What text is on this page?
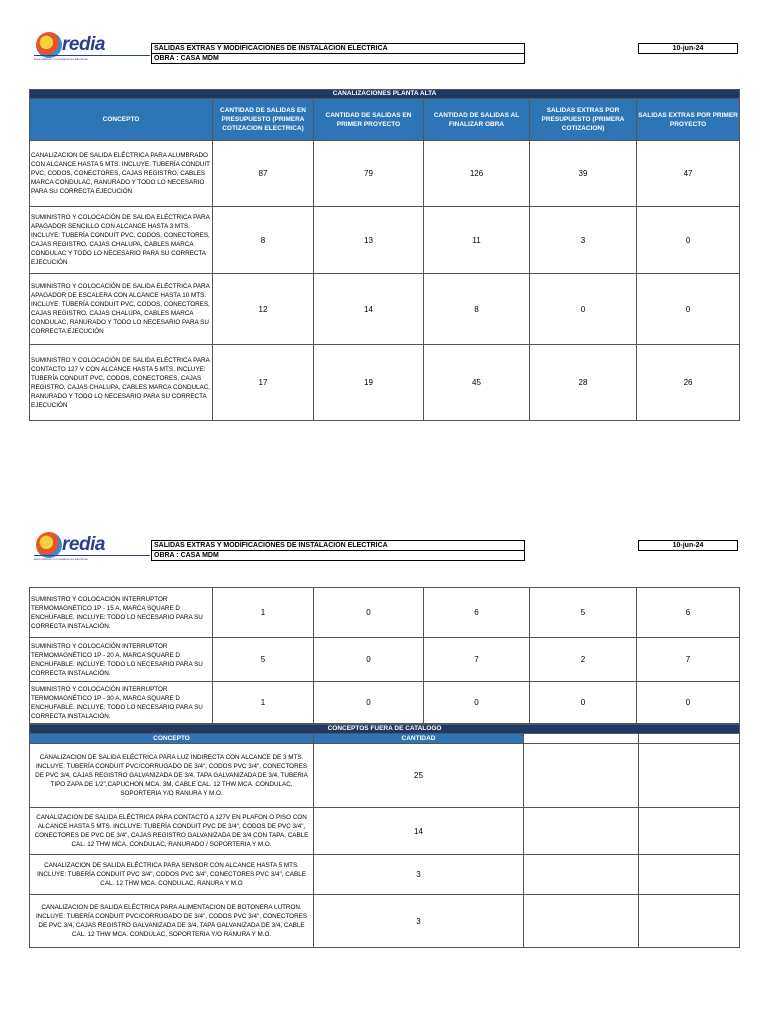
redia
Especialistas en Instalaciones Eléctricas
SALIDAS EXTRAS Y MODIFICACIONES DE INSTALACION ELECTRICA
OBRA : CASA MDM
10-jun-24
CANALIZACIONES PLANTA ALTA					
CONCEPTO	CANTIDAD DE SALIDAS EN PRESUPUESTO (PRIMERA COTIZACION ELECTRICA)	CANTIDAD DE SALIDAS EN PRIMER PROYECTO	CANTIDAD DE SALIDAS AL FINALIZAR OBRA	SALIDAS EXTRAS POR PRESUPUESTO (PRIMERA COTIZACION)	SALIDAS EXTRAS POR PRIMER PROYECTO
CANALIZACION DE SALIDA ELÉCTRICA PARA ALUMBRADO CON ALCANCE HASTA 5 MTS. INCLUYE: TUBERÍA CONDUIT PVC, CODOS, CONECTORES, CAJAS REGISTRO, CABLES MARCA CONDULAC, RANURADO Y TODO LO NECESARIO PARA SU CORRECTA EJECUCIÓN	87	79	126	39	47
SUMINISTRO Y COLOCACIÓN DE SALIDA ELÉCTRICA PARA APAGADOR SENCILLO CON ALCANCE HASTA 3 MTS. INCLUYE: TUBERÍA CONDUIT PVC, CODOS, CONECTORES, CAJAS REGISTRO, CAJAS CHALUPA, CABLES MARCA CONDULAC Y TODO LO NECESARIO PARA SU CORRECTA EJECUCIÓN	8	13	11	3	0
SUMINISTRO Y COLOCACIÓN DE SALIDA ELÉCTRICA PARA APAGADOR DE ESCALERA CON ALCANCE HASTA 10 MTS. INCLUYE: TUBERÍA CONDUIT PVC, CODOS, CONECTORES, CAJAS REGISTRO, CAJAS CHALUPA, CABLES MARCA CONDULAC, RANURADO Y TODO LO NECESARIO PARA SU CORRECTA EJECUCIÓN	12	14	8	0	0
SUMINISTRO Y COLOCACIÓN DE SALIDA ELÉCTRICA PARA CONTACTO 127 V CON ALCANCE HASTA 5 MTS. INCLUYE: TUBERÍA CONDUIT PVC, CODOS, CONECTORES, CAJAS REGISTRO, CAJAS CHALUPA, CABLES MARCA CONDULAC, RANURADO Y TODO LO NECESARIO PARA SU CORRECTA EJECUCIÓN	17	19	45	28	26
redia
Especialistas en Instalaciones Eléctricas
SALIDAS EXTRAS Y MODIFICACIONES DE INSTALACION ELECTRICA
OBRA : CASA MDM
10-jun-24
SUMINISTRO Y COLOCACIÓN INTERRUPTOR TERMOMAGNÉTICO 1P - 15 A, MARCA SQUARE D ENCHUFABLE. INCLUYE: TODO LO NECESARIO PARA SU CORRECTA INSTALACIÓN.	1	0	6	5	6
SUMINISTRO Y COLOCACIÓN INTERRUPTOR TERMOMAGNÉTICO 1P - 20 A, MARCA SQUARE D ENCHUFABLE. INCLUYE: TODO LO NECESARIO PARA SU CORRECTA INSTALACIÓN.	5	0	7	2	7
SUMINISTRO Y COLOCACIÓN INTERRUPTOR TERMOMAGNÉTICO 1P - 30 A, MARCA SQUARE D ENCHUFABLE. INCLUYE: TODO LO NECESARIO PARA SU CORRECTA INSTALACIÓN.	1	0	0	0	0
CONCEPTOS FUERA DE CATALOGO			
CONCEPTO	CANTIDAD		
CANALIZACION DE SALIDA ELÉCTRICA PARA LUZ INDIRECTA CON ALCANCE DE 3 MTS. INCLUYE: TUBERÍA CONDUIT PVC/CORRUGADO DE 3/4", CODOS PVC 3/4", CONECTORES DE PVC 3/4, CAJAS REGISTRO GALVANIZADA DE 3/4, TAPA GALVANIZADA DE 3/4, TUBERIA TIPO ZAPA DE 1/2",CAPUCHON MCA. 3M, CABLE CAL. 12 THW MCA. CONDULAC, SOPORTERIA Y/O RANURA Y M.O.	25		
CANALIZACION DE SALIDA ELÉCTRICA PARA CONTACTO A 127V EN PLAFON O PISO CON ALCANCE HASTA 5 MTS. INCLUYE: TUBERÍA CONDUIT PVC DE 3/4", CODOS DE PVC 3/4", CONECTORES DE PVC DE 3/4", CAJAS REGISTRO GALVANIZADA DE 3/4 CON TAPA, CABLE CAL. 12 THW MCA. CONDULAC, RANURADO / SOPORTERIA Y M.O.	14		
CANALIZACION DE SALIDA ELÉCTRICA PARA SENSOR CON ALCANCE HASTA 5 MTS. INCLUYE: TUBERÍA CONDUIT PVC 3/4", CODOS PVC 3/4", CONECTORES PVC 3/4", CABLE CAL. 12 THW MCA. CONDULAC, RANURA Y M.O	3		
CANALIZACION DE SALIDA ELÉCTRICA PARA ALIMENTACION DE BOTONERA LUTRON. INCLUYE: TUBERÍA CONDUIT PVC/CORRUGADO DE 3/4", CODOS PVC 3/4", CONECTORES DE PVC 3/4, CAJAS REGISTRO GALVANIZADA DE 3/4, TAPA GALVANIZADA DE 3/4, CABLE CAL. 12 THW MCA. CONDULAC, SOPORTERIA Y/O RANURA Y M.O.	3		
